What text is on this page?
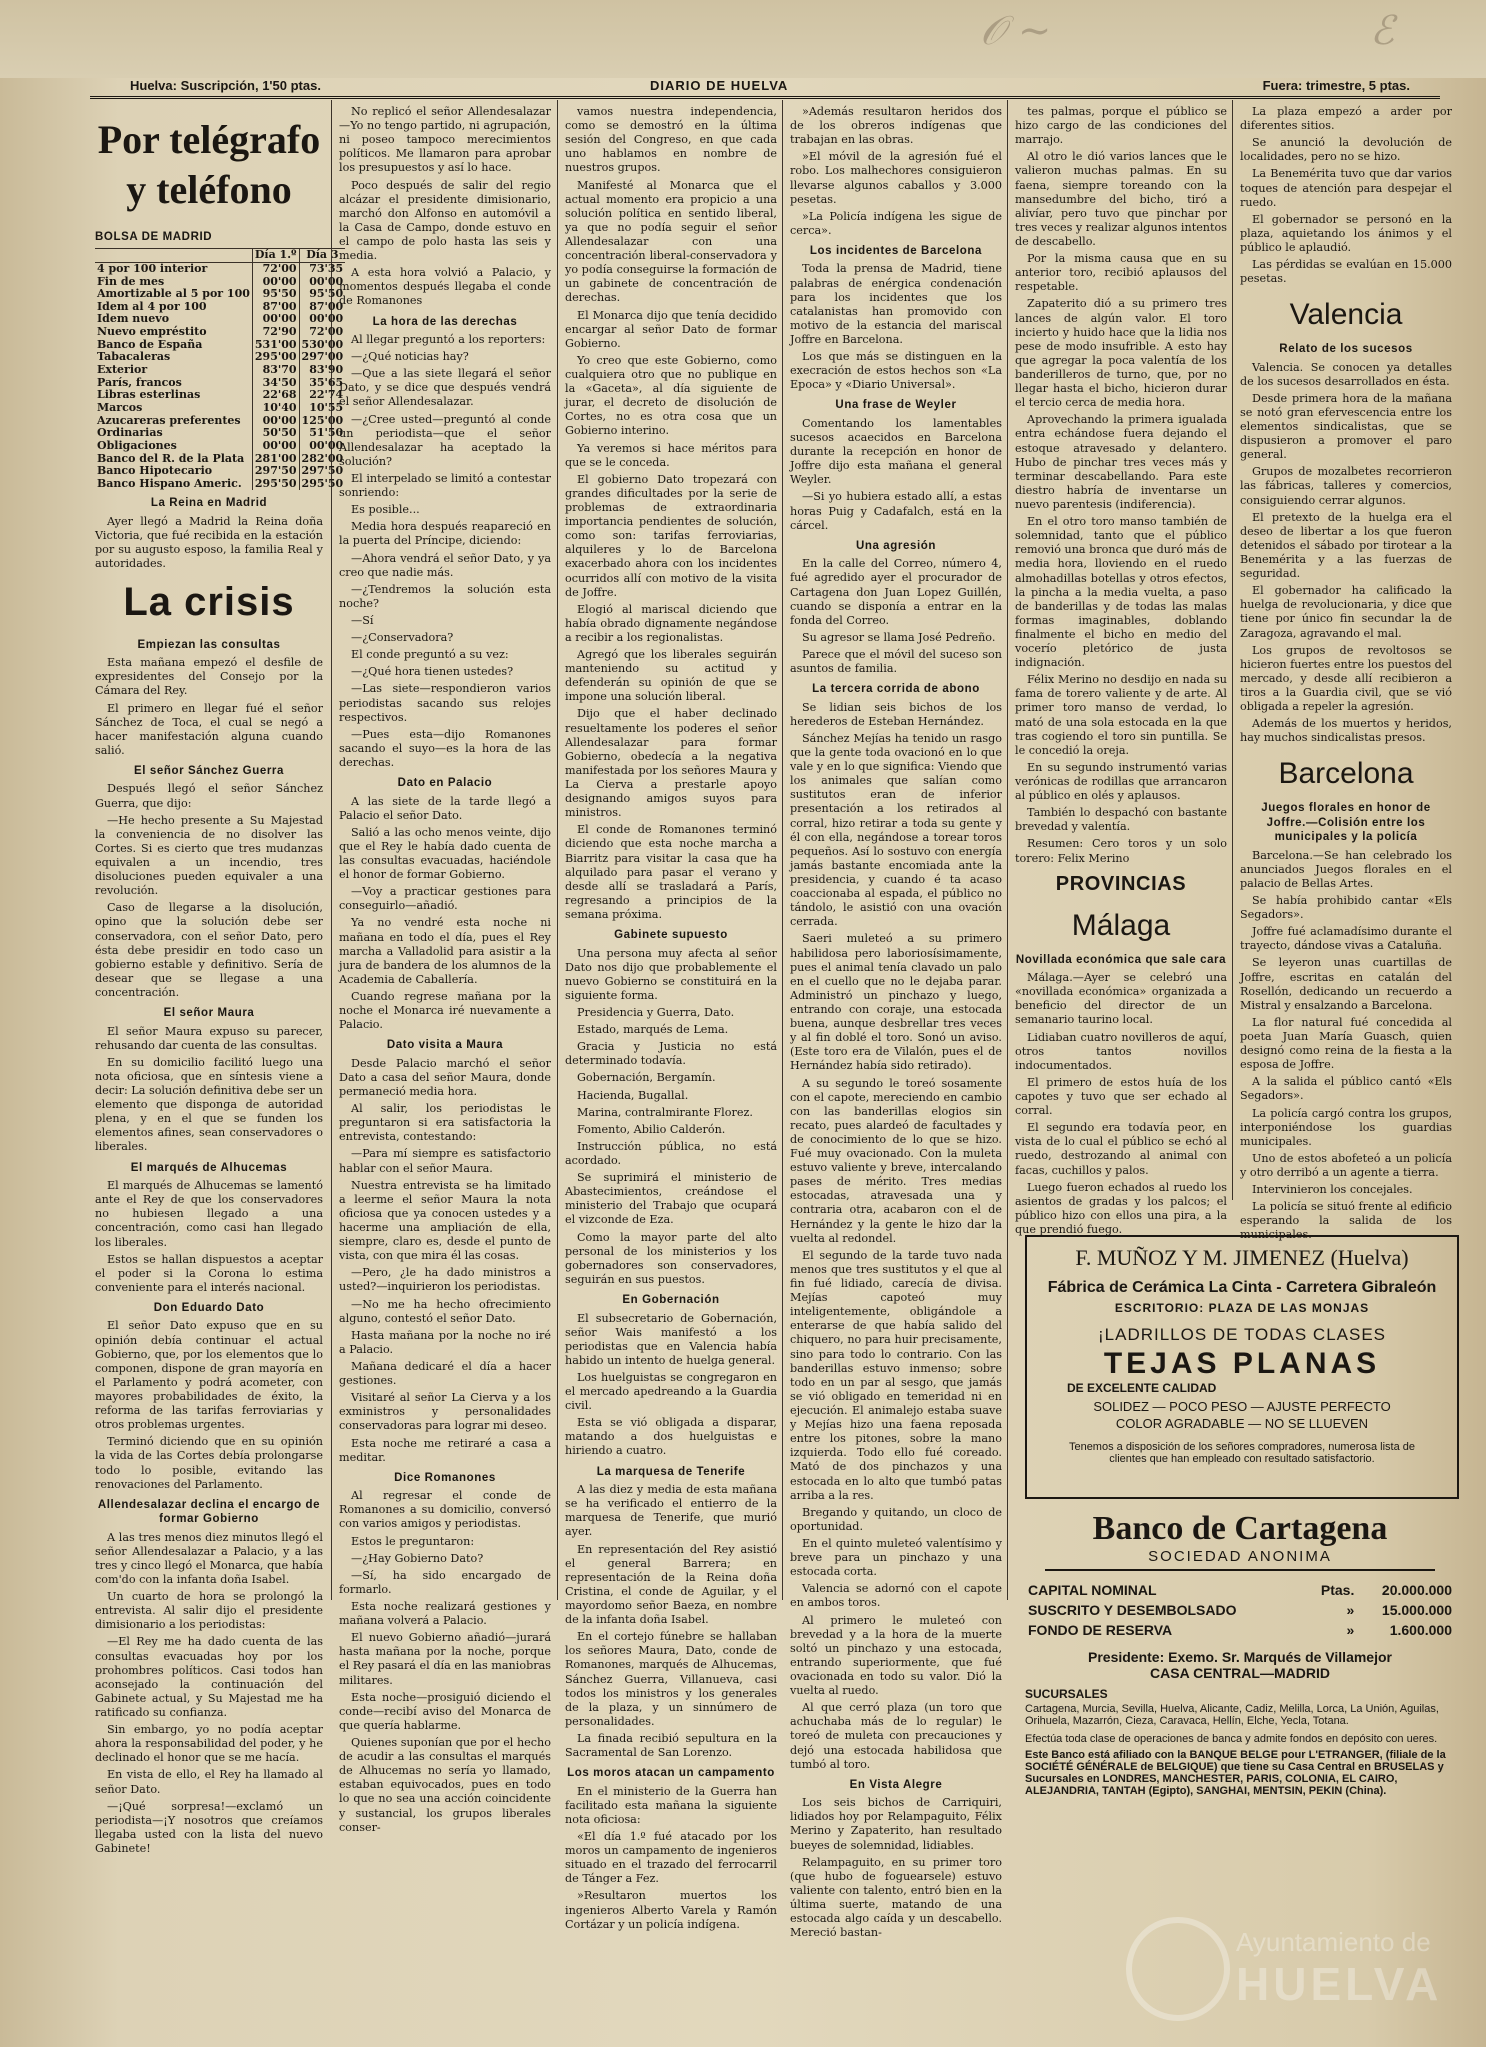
𝒪 ∼	ℰ
Huelva: Suscripción, 1'50 ptas.	DIARIO DE HUELVA	Fuera: trimestre, 5 ptas.
Por telégrafo y teléfono
BOLSA DE MADRID
	Día 1.º	Día 3
4 por 100 interior	72'00	73'35
Fin de mes	00'00	00'00
Amortizable al 5 por 100	95'50	95'50
Idem al 4 por 100	87'00	87'00
Idem nuevo	00'00	00'00
Nuevo empréstito	72'90	72'00
Banco de España	531'00	530'00
Tabacaleras	295'00	297'00
Exterior	83'70	83'90
París, francos	34'50	35'65
Libras esterlinas	22'68	22'74
Marcos	10'40	10'55
Azucareras preferentes	00'00	125'00
Ordinarias	50'50	51'50
Obligaciones	00'00	00'00
Banco del R. de la Plata	281'00	282'00
Banco Hipotecario	297'50	297'50
Banco Hispano Americ.	295'50	295'50
La Reina en Madrid

Ayer llegó a Madrid la Reina doña Victoria, que fué recibida en la estación por su augusto esposo, la familia Real y autoridades.

La crisis
Empiezan las consultas

Esta mañana empezó el desfile de expresidentes del Consejo por la Cámara del Rey.

El primero en llegar fué el señor Sánchez de Toca, el cual se negó a hacer manifestación alguna cuando salió.

El señor Sánchez Guerra

Después llegó el señor Sánchez Guerra, que dijo:

—He hecho presente a Su Majestad la conveniencia de no disolver las Cortes. Si es cierto que tres mudanzas equivalen a un incendio, tres disoluciones pueden equivaler a una revolución.

Caso de llegarse a la disolución, opino que la solución debe ser conservadora, con el señor Dato, pero ésta debe presidir en todo caso un gobierno estable y definitivo. Sería de desear que se llegase a una concentración.

El señor Maura

El señor Maura expuso su parecer, rehusando dar cuenta de las consultas.

En su domicilio facilitó luego una nota oficiosa, que en síntesis viene a decir: La solución definitiva debe ser un elemento que disponga de autoridad plena, y en el que se funden los elementos afines, sean conservadores o liberales.

El marqués de Alhucemas

El marqués de Alhucemas se lamentó ante el Rey de que los conservadores no hubiesen llegado a una concentración, como casi han llegado los liberales.

Estos se hallan dispuestos a aceptar el poder si la Corona lo estima conveniente para el interés nacional.

Don Eduardo Dato

El señor Dato expuso que en su opinión debía continuar el actual Gobierno, que, por los elementos que lo componen, dispone de gran mayoría en el Parlamento y podrá acometer, con mayores probabilidades de éxito, la reforma de las tarifas ferroviarias y otros problemas urgentes.

Terminó diciendo que en su opinión la vida de las Cortes debía prolongarse todo lo posible, evitando las renovaciones del Parlamento.

Allendesalazar declina el encargo de formar Gobierno

A las tres menos diez minutos llegó el señor Allendesalazar a Palacio, y a las tres y cinco llegó el Monarca, que había com'do con la infanta doña Isabel.

Un cuarto de hora se prolongó la entrevista. Al salir dijo el presidente dimisionario a los periodistas:

—El Rey me ha dado cuenta de las consultas evacuadas hoy por los prohombres políticos. Casi todos han aconsejado la continuación del Gabinete actual, y Su Majestad me ha ratificado su confianza.

Sin embargo, yo no podía aceptar ahora la responsabilidad del poder, y he declinado el honor que se me hacía.

En vista de ello, el Rey ha llamado al señor Dato.

—¡Qué sorpresa!—exclamó un periodista—¡Y nosotros que creíamos llegaba usted con la lista del nuevo Gabinete!

No replicó el señor Allendesalazar—Yo no tengo partido, ni agrupación, ni poseo tampoco merecimientos políticos. Me llamaron para aprobar los presupuestos y así lo hace.

Poco después de salir del regio alcázar el presidente dimisionario, marchó don Alfonso en automóvil a la Casa de Campo, donde estuvo en el campo de polo hasta las seis y media.

A esta hora volvió a Palacio, y momentos después llegaba el conde de Romanones

La hora de las derechas

Al llegar preguntó a los reporters:

—¿Qué noticias hay?

—Que a las siete llegará el señor Dato, y se dice que después vendrá el señor Allendesalazar.

—¿Cree usted—preguntó al conde un periodista—que el señor Allendesalazar ha aceptado la solución?

El interpelado se limitó a contestar sonriendo:

Es posible...

Media hora después reapareció en la puerta del Príncipe, diciendo:

—Ahora vendrá el señor Dato, y ya creo que nadie más.

—¿Tendremos la solución esta noche?

—Sí

—¿Conservadora?

El conde preguntó a su vez:

—¿Qué hora tienen ustedes?

—Las siete—respondieron varios periodistas sacando sus relojes respectivos.

—Pues esta—dijo Romanones sacando el suyo—es la hora de las derechas.

Dato en Palacio

A las siete de la tarde llegó a Palacio el señor Dato.

Salió a las ocho menos veinte, dijo que el Rey le había dado cuenta de las consultas evacuadas, haciéndole el honor de formar Gobierno.

—Voy a practicar gestiones para conseguirlo—añadió.

Ya no vendré esta noche ni mañana en todo el día, pues el Rey marcha a Valladolid para asistir a la jura de bandera de los alumnos de la Academia de Caballería.

Cuando regrese mañana por la noche el Monarca iré nuevamente a Palacio.

Dato visita a Maura

Desde Palacio marchó el señor Dato a casa del señor Maura, donde permaneció media hora.

Al salir, los periodistas le preguntaron si era satisfactoria la entrevista, contestando:

—Para mí siempre es satisfactorio hablar con el señor Maura.

Nuestra entrevista se ha limitado a leerme el señor Maura la nota oficiosa que ya conocen ustedes y a hacerme una ampliación de ella, siempre, claro es, desde el punto de vista, con que mira él las cosas.

—Pero, ¿le ha dado ministros a usted?—inquirieron los periodistas.

—No me ha hecho ofrecimiento alguno, contestó el señor Dato.

Hasta mañana por la noche no iré a Palacio.

Mañana dedicaré el día a hacer gestiones.

Visitaré al señor La Cierva y a los exministros y personalidades conservadoras para lograr mi deseo.

Esta noche me retiraré a casa a meditar.

Dice Romanones

Al regresar el conde de Romanones a su domicilio, conversó con varios amigos y periodistas.

Estos le preguntaron:

—¿Hay Gobierno Dato?

—Sí, ha sido encargado de formarlo.

Esta noche realizará gestiones y mañana volverá a Palacio.

El nuevo Gobierno añadió—jurará hasta mañana por la noche, porque el Rey pasará el día en las maniobras militares.

Esta noche—prosiguió diciendo el conde—recibí aviso del Monarca de que quería hablarme.

Quienes suponían que por el hecho de acudir a las consultas el marqués de Alhucemas no sería yo llamado, estaban equivocados, pues en todo lo que no sea una acción coincidente y sustancial, los grupos liberales conser-

vamos nuestra independencia, como se demostró en la última sesión del Congreso, en que cada uno hablamos en nombre de nuestros grupos.

Manifesté al Monarca que el actual momento era propicio a una solución política en sentido liberal, ya que no podía seguir el señor Allendesalazar con una concentración liberal-conservadora y yo podía conseguirse la formación de un gabinete de concentración de derechas.

El Monarca dijo que tenía decidido encargar al señor Dato de formar Gobierno.

Yo creo que este Gobierno, como cualquiera otro que no publique en la «Gaceta», al día siguiente de jurar, el decreto de disolución de Cortes, no es otra cosa que un Gobierno interino.

Ya veremos si hace méritos para que se le conceda.

El gobierno Dato tropezará con grandes dificultades por la serie de problemas de extraordinaria importancia pendientes de solución, como son: tarifas ferroviarias, alquileres y lo de Barcelona exacerbado ahora con los incidentes ocurridos allí con motivo de la visita de Joffre.

Elogió al mariscal diciendo que había obrado dignamente negándose a recibir a los regionalistas.

Agregó que los liberales seguirán manteniendo su actitud y defenderán su opinión de que se impone una solución liberal.

Dijo que el haber declinado resueltamente los poderes el señor Allendesalazar para formar Gobierno, obedecía a la negativa manifestada por los señores Maura y La Cierva a prestarle apoyo designando amigos suyos para ministros.

El conde de Romanones terminó diciendo que esta noche marcha a Biarritz para visitar la casa que ha alquilado para pasar el verano y desde allí se trasladará a París, regresando a principios de la semana próxima.

Gabinete supuesto

Una persona muy afecta al señor Dato nos dijo que probablemente el nuevo Gobierno se constituirá en la siguiente forma.

Presidencia y Guerra, Dato.

Estado, marqués de Lema.

Gracia y Justicia no está determinado todavía.

Gobernación, Bergamín.

Hacienda, Bugallal.

Marina, contralmirante Florez.

Fomento, Abilio Calderón.

Instrucción pública, no está acordado.

Se suprimirá el ministerio de Abastecimientos, creándose el ministerio del Trabajo que ocupará el vizconde de Eza.

Como la mayor parte del alto personal de los ministerios y los gobernadores son conservadores, seguirán en sus puestos.

En Gobernación

El subsecretario de Gobernación, señor Wais manifestó a los periodistas que en Valencia había habido un intento de huelga general.

Los huelguistas se congregaron en el mercado apedreando a la Guardia civil.

Esta se vió obligada a disparar, matando a dos huelguistas e hiriendo a cuatro.

La marquesa de Tenerife

A las diez y media de esta mañana se ha verificado el entierro de la marquesa de Tenerife, que murió ayer.

En representación del Rey asistió el general Barrera; en representación de la Reina doña Cristina, el conde de Aguilar, y el mayordomo señor Baeza, en nombre de la infanta doña Isabel.

En el cortejo fúnebre se hallaban los señores Maura, Dato, conde de Romanones, marqués de Alhucemas, Sánchez Guerra, Villanueva, casi todos los ministros y los generales de la plaza, y un sinnúmero de personalidades.

La finada recibió sepultura en la Sacramental de San Lorenzo.

Los moros atacan un campamento

En el ministerio de la Guerra han facilitado esta mañana la siguiente nota oficiosa:

«El día 1.º fué atacado por los moros un campamento de ingenieros situado en el trazado del ferrocarril de Tánger a Fez.

»Resultaron muertos los ingenieros Alberto Varela y Ramón Cortázar y un policía indígena.

»Además resultaron heridos dos de los obreros indígenas que trabajan en las obras.

»El móvil de la agresión fué el robo. Los malhechores consiguieron llevarse algunos caballos y 3.000 pesetas.

»La Policía indígena les sigue de cerca».

Los incidentes de Barcelona

Toda la prensa de Madrid, tiene palabras de enérgica condenación para los incidentes que los catalanistas han promovido con motivo de la estancia del mariscal Joffre en Barcelona.

Los que más se distinguen en la execración de estos hechos son «La Epoca» y «Diario Universal».

Una frase de Weyler

Comentando los lamentables sucesos acaecidos en Barcelona durante la recepción en honor de Joffre dijo esta mañana el general Weyler.

—Si yo hubiera estado allí, a estas horas Puig y Cadafalch, está en la cárcel.

Una agresión

En la calle del Correo, número 4, fué agredido ayer el procurador de Cartagena don Juan Lopez Guillén, cuando se disponía a entrar en la fonda del Correo.

Su agresor se llama José Pedreño.

Parece que el móvil del suceso son asuntos de familia.

La tercera corrida de abono

Se lidian seis bichos de los herederos de Esteban Hernández.

Sánchez Mejías ha tenido un rasgo que la gente toda ovacionó en lo que vale y en lo que significa: Viendo que los animales que salían como sustitutos eran de inferior presentación a los retirados al corral, hizo retirar a toda su gente y él con ella, negándose a torear toros pequeños. Así lo sostuvo con energía jamás bastante encomiada ante la presidencia, y cuando é ta acaso coaccionaba al espada, el público no tándolo, le asistió con una ovación cerrada.

Saeri muleteó a su primero habilidosa pero laboriosísimamente, pues el animal tenía clavado un palo en el cuello que no le dejaba parar. Administró un pinchazo y luego, entrando con coraje, una estocada buena, aunque desbrellar tres veces y al fin doblé el toro. Sonó un aviso. (Este toro era de Vilalón, pues el de Hernández había sido retirado).

A su segundo le toreó sosamente con el capote, mereciendo en cambio con las banderillas elogios sin recato, pues alardeó de facultades y de conocimiento de lo que se hizo. Fué muy ovacionado. Con la muleta estuvo valiente y breve, intercalando pases de mérito. Tres medias estocadas, atravesada una y contraria otra, acabaron con el de Hernández y la gente le hizo dar la vuelta al redondel.

El segundo de la tarde tuvo nada menos que tres sustitutos y el que al fin fué lidiado, carecía de divisa. Mejías capoteó muy inteligentemente, obligándole a enterarse de que había salido del chiquero, no para huir precisamente, sino para todo lo contrario. Con las banderillas estuvo inmenso; sobre todo en un par al sesgo, que jamás se vió obligado en temeridad ni en ejecución. El animalejo estaba suave y Mejías hizo una faena reposada entre los pitones, sobre la mano izquierda. Todo ello fué coreado. Mató de dos pinchazos y una estocada en lo alto que tumbó patas arriba a la res.

Bregando y quitando, un cloco de oportunidad.

En el quinto muleteó valentísimo y breve para un pinchazo y una estocada corta.

Valencia se adornó con el capote en ambos toros.

Al primero le muleteó con brevedad y a la hora de la muerte soltó un pinchazo y una estocada, entrando superiormente, que fué ovacionada en todo su valor. Dió la vuelta al ruedo.

Al que cerró plaza (un toro que achuchaba más de lo regular) le toreó de muleta con precauciones y dejó una estocada habilidosa que tumbó al toro.

En Vista Alegre

Los seis bichos de Carriquiri, lidiados hoy por Relampaguito, Félix Merino y Zapaterito, han resultado bueyes de solemnidad, lidiables.

Relampaguito, en su primer toro (que hubo de foguearsele) estuvo valiente con talento, entró bien en la última suerte, matando de una estocada algo caída y un descabello. Mereció bastan-

tes palmas, porque el público se hizo cargo de las condiciones del marrajo.

Al otro le dió varios lances que le valieron muchas palmas. En su faena, siempre toreando con la mansedumbre del bicho, tiró a alivíar, pero tuvo que pinchar por tres veces y realizar algunos intentos de descabello.

Por la misma causa que en su anterior toro, recibió aplausos del respetable.

Zapaterito dió a su primero tres lances de algún valor. El toro incierto y huido hace que la lidia nos pese de modo insufrible. A esto hay que agregar la poca valentía de los banderilleros de turno, que, por no llegar hasta el bicho, hicieron durar el tercio cerca de media hora.

Aprovechando la primera igualada entra echándose fuera dejando el estoque atravesado y delantero. Hubo de pinchar tres veces más y terminar descabellando. Para este diestro habría de inventarse un nuevo parentesis (indiferencia).

En el otro toro manso también de solemnidad, tanto que el público removió una bronca que duró más de media hora, lloviendo en el ruedo almohadillas botellas y otros efectos, la pincha a la media vuelta, a paso de banderillas y de todas las malas formas imaginables, doblando finalmente el bicho en medio del vocerío pletórico de justa indignación.

Félix Merino no desdijo en nada su fama de torero valiente y de arte. Al primer toro manso de verdad, lo mató de una sola estocada en la que tras cogiendo el toro sin puntilla. Se le concedió la oreja.

En su segundo instrumentó varias verónicas de rodillas que arrancaron al público en olés y aplausos.

También lo despachó con bastante brevedad y valentía.

Resumen: Cero toros y un solo torero: Felix Merino

PROVINCIAS
Málaga
Novillada económica que sale cara

Málaga.—Ayer se celebró una «novillada económica» organizada a beneficio del director de un semanario taurino local.

Lidiaban cuatro novilleros de aquí, otros tantos novillos indocumentados.

El primero de estos huía de los capotes y tuvo que ser echado al corral.

El segundo era todavía peor, en vista de lo cual el público se echó al ruedo, destrozando al animal con facas, cuchillos y palos.

Luego fueron echados al ruedo los asientos de gradas y los palcos; el público hizo con ellos una pira, a la que prendió fuego.

La plaza empezó a arder por diferentes sitios.

Se anunció la devolución de localidades, pero no se hizo.

La Benemérita tuvo que dar varios toques de atención para despejar el ruedo.

El gobernador se personó en la plaza, aquietando los ánimos y el público le aplaudió.

Las pérdidas se evalúan en 15.000 pesetas.

Valencia
Relato de los sucesos

Valencia. Se conocen ya detalles de los sucesos desarrollados en ésta.

Desde primera hora de la mañana se notó gran efervescencia entre los elementos sindicalistas, que se dispusieron a promover el paro general.

Grupos de mozalbetes recorrieron las fábricas, talleres y comercios, consiguiendo cerrar algunos.

El pretexto de la huelga era el deseo de libertar a los que fueron detenidos el sábado por tirotear a la Benemérita y a las fuerzas de seguridad.

El gobernador ha calificado la huelga de revolucionaria, y dice que tiene por único fin secundar la de Zaragoza, agravando el mal.

Los grupos de revoltosos se hicieron fuertes entre los puestos del mercado, y desde allí recibieron a tiros a la Guardia civil, que se vió obligada a repeler la agresión.

Además de los muertos y heridos, hay muchos sindicalistas presos.

Barcelona
Juegos florales en honor de Joffre.—Colisión entre los municipales y la policía

Barcelona.—Se han celebrado los anunciados Juegos florales en el palacio de Bellas Artes.

Se había prohibido cantar «Els Segadors».

Joffre fué aclamadísimo durante el trayecto, dándose vivas a Cataluña.

Se leyeron unas cuartillas de Joffre, escritas en catalán del Rosellón, dedicando un recuerdo a Mistral y ensalzando a Barcelona.

La flor natural fué concedida al poeta Juan María Guasch, quien designó como reina de la fiesta a la esposa de Joffre.

A la salida el público cantó «Els Segadors».

La policía cargó contra los grupos, interponiéndose los guardias municipales.

Uno de estos abofeteó a un policía y otro derribó a un agente a tierra.

Intervinieron los concejales.

La policía se situó frente al edificio esperando la salida de los municipales.

F. MUÑOZ Y M. JIMENEZ (Huelva)
Fábrica de Cerámica La Cinta - Carretera Gibraleón
ESCRITORIO: PLAZA DE LAS MONJAS
¡LADRILLOS DE TODAS CLASES
TEJAS PLANAS
DE EXCELENTE CALIDAD
SOLIDEZ — POCO PESO — AJUSTE PERFECTO
COLOR AGRADABLE — NO SE LLUEVEN
Tenemos a disposición de los señores compradores, numerosa lista de clientes que han empleado con resultado satisfactorio.
Banco de Cartagena
SOCIEDAD ANONIMA
CAPITAL NOMINAL	Ptas.	20.000.000
SUSCRITO Y DESEMBOLSADO	»	15.000.000
FONDO DE RESERVA	»	1.600.000
Presidente: Exemo. Sr. Marqués de Villamejor
CASA CENTRAL—MADRID
SUCURSALES
Cartagena, Murcia, Sevilla, Huelva, Alicante, Cadiz, Melilla, Lorca, La Unión, Aguilas, Orihuela, Mazarrón, Cieza, Caravaca, Hellín, Elche, Yecla, Totana.
Efectúa toda clase de operaciones de banca y admite fondos en depósito con ueres.
Este Banco está afiliado con la BANQUE BELGE pour L'ETRANGER, (filiale de la SOCIÉTÉ GÉNÉRALE de BELGIQUE) que tiene su Casa Central en BRUSELAS y Sucursales en LONDRES, MANCHESTER, PARIS, COLONIA, EL CAIRO, ALEJANDRIA, TANTAH (Egipto), SANGHAI, MENTSIN, PEKIN (China).
Ayuntamiento de
HUELVA
